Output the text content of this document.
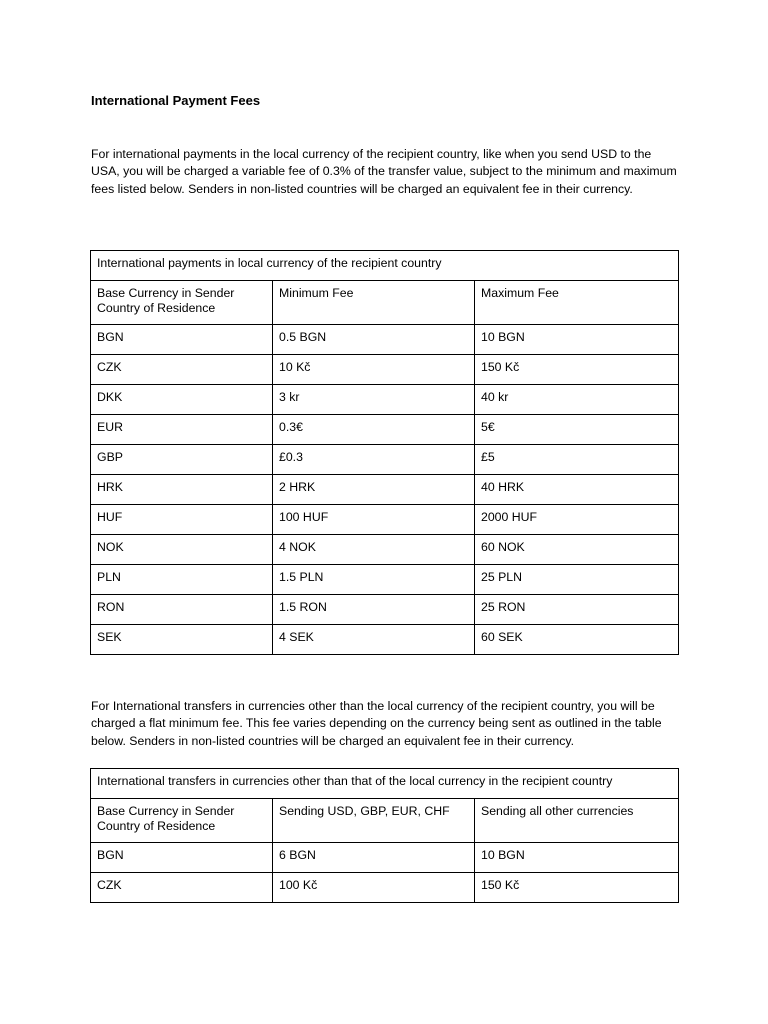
International Payment Fees

For international payments in the local currency of the recipient country, like when you send USD to the USA, you will be charged a variable fee of 0.3% of the transfer value, subject to the minimum and maximum fees listed below. Senders in non-listed countries will be charged an equivalent fee in their currency.

International payments in local currency of the recipient country		
Base Currency in Sender Country of Residence	Minimum Fee	Maximum Fee
BGN	0.5 BGN	10 BGN
CZK	10 Kč	150 Kč
DKK	3 kr	40 kr
EUR	0.3€	5€
GBP	£0.3	£5
HRK	2 HRK	40 HRK
HUF	100 HUF	2000 HUF
NOK	4 NOK	60 NOK
PLN	1.5 PLN	25 PLN
RON	1.5 RON	25 RON
SEK	4 SEK	60 SEK

For International transfers in currencies other than the local currency of the recipient country, you will be charged a flat minimum fee. This fee varies depending on the currency being sent as outlined in the table below. Senders in non-listed countries will be charged an equivalent fee in their currency.

International transfers in currencies other than that of the local currency in the recipient country		
Base Currency in Sender Country of Residence	Sending USD, GBP, EUR, CHF	Sending all other currencies
BGN	6 BGN	10 BGN
CZK	100 Kč	150 Kč
